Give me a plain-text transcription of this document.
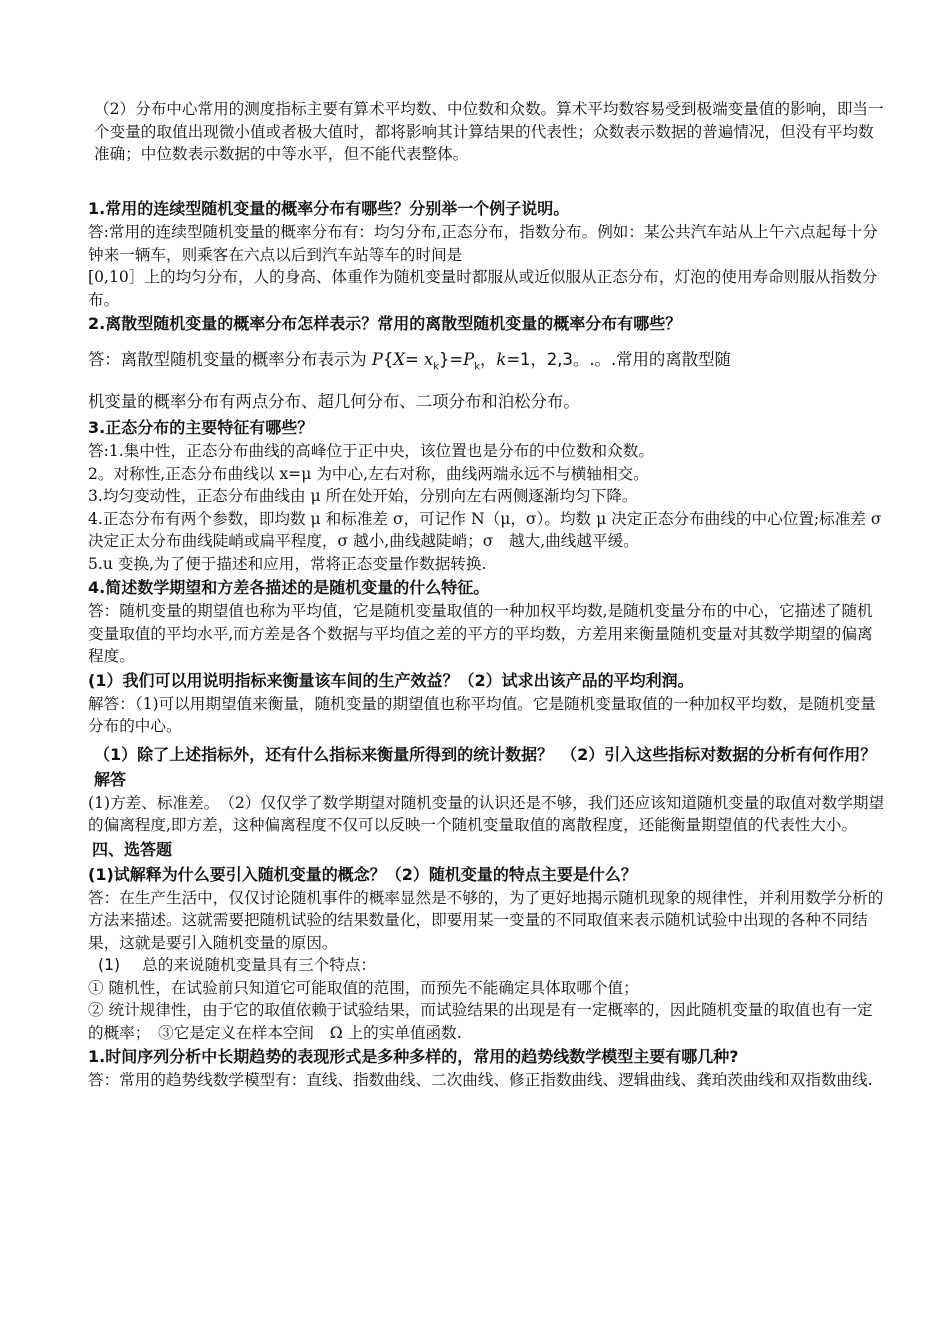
（2）分布中心常用的测度指标主要有算术平均数、中位数和众数。算术平均数容易受到极端变量值的影响，即当一个变量的取值出现微小值或者极大值时，都将影响其计算结果的代表性；众数表示数据的普遍情况，但没有平均数准确；中位数表示数据的中等水平，但不能代表整体。

1.常用的连续型随机变量的概率分布有哪些？分别举一个例子说明。

答:常用的连续型随机变量的概率分布有：均匀分布,正态分布，指数分布。例如：某公共汽车站从上午六点起每十分钟来一辆车，则乘客在六点以后到汽车站等车的时间是

[0,10］上的均匀分布，人的身高、体重作为随机变量时都服从或近似服从正态分布，灯泡的使用寿命则服从指数分布。

2.离散型随机变量的概率分布怎样表示？常用的离散型随机变量的概率分布有哪些？

答：离散型随机变量的概率分布表示为 $P\{X= x_k\}=P_k$，k=1，2,3。.。.常用的离散型随

机变量的概率分布有两点分布、超几何分布、二项分布和泊松分布。

3.正态分布的主要特征有哪些？

答:1.集中性，正态分布曲线的高峰位于正中央，该位置也是分布的中位数和众数。

2。对称性,正态分布曲线以 x=μ 为中心,左右对称，曲线两端永远不与横轴相交。

3.均匀变动性，正态分布曲线由 μ 所在处开始，分别向左右两侧逐渐均匀下降。

4.正态分布有两个参数，即均数 μ 和标准差 σ，可记作 N（μ，σ）。均数 μ 决定正态分布曲线的中心位置;标准差 σ 决定正太分布曲线陡峭或扁平程度，σ 越小,曲线越陡峭；σ　越大,曲线越平缓。

5.u 变换,为了便于描述和应用，常将正态变量作数据转换.

4.简述数学期望和方差各描述的是随机变量的什么特征。

答：随机变量的期望值也称为平均值，它是随机变量取值的一种加权平均数,是随机变量分布的中心，它描述了随机变量取值的平均水平,而方差是各个数据与平均值之差的平方的平均数，方差用来衡量随机变量对其数学期望的偏离程度。

(1）我们可以用说明指标来衡量该车间的生产效益？（2）试求出该产品的平均利润。

解答：（1)可以用期望值来衡量，随机变量的期望值也称平均值。它是随机变量取值的一种加权平均数，是随机变量分布的中心。

（1）除了上述指标外，还有什么指标来衡量所得到的统计数据？　（2）引入这些指标对数据的分析有何作用？解答

(1)方差、标准差。　（2）仅仅学了数学期望对随机变量的认识还是不够，我们还应该知道随机变量的取值对数学期望的偏离程度,即方差，这种偏离程度不仅可以反映一个随机变量取值的离散程度，还能衡量期望值的代表性大小。

四、选答题

(1)试解释为什么要引入随机变量的概念？（2）随机变量的特点主要是什么？

答：在生产生活中，仅仅讨论随机事件的概率显然是不够的，为了更好地揭示随机现象的规律性，并利用数学分析的方法来描述。这就需要把随机试验的结果数量化，即要用某一变量的不同取值来表示随机试验中出现的各种不同结果，这就是要引入随机变量的原因。

(1) 总的来说随机变量具有三个特点：

① 随机性，在试验前只知道它可能取值的范围，而预先不能确定具体取哪个值；

② 统计规律性，由于它的取值依赖于试验结果，而试验结果的出现是有一定概率的，因此随机变量的取值也有一定的概率；　③它是定义在样本空间　Ω 上的实单值函数.

1.时间序列分析中长期趋势的表现形式是多种多样的，常用的趋势线数学模型主要有哪几种?

答：常用的趋势线数学模型有：直线、指数曲线、二次曲线、修正指数曲线、逻辑曲线、龚珀茨曲线和双指数曲线.
